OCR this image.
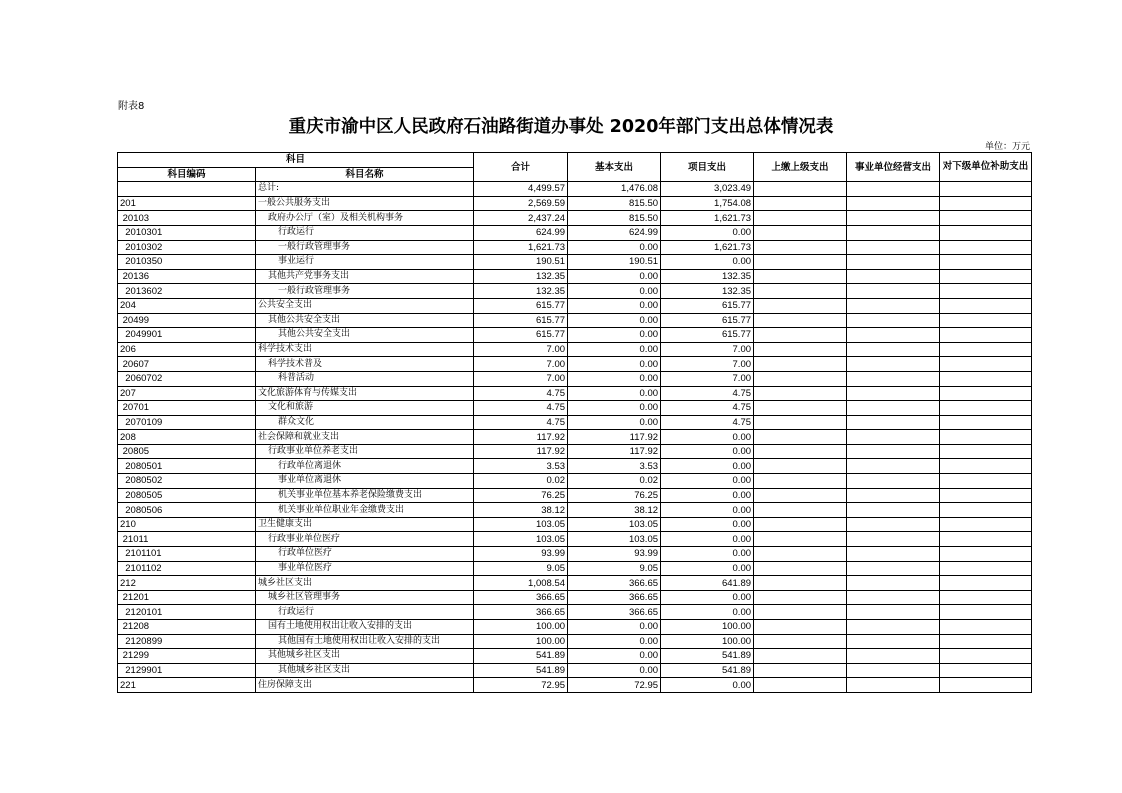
附表8
重庆市渝中区人民政府石油路街道办事处 2020年部门支出总体情况表
单位：万元
科目		合计	基本支出	项目支出	上缴上级支出	事业单位经营支出	对下级单位补助支出
科目编码	科目名称						
	总计:	4,499.57	1,476.08	3,023.49			
201	一般公共服务支出	2,569.59	815.50	1,754.08			
20103	政府办公厅（室）及相关机构事务	2,437.24	815.50	1,621.73			
2010301	行政运行	624.99	624.99	0.00			
2010302	一般行政管理事务	1,621.73	0.00	1,621.73			
2010350	事业运行	190.51	190.51	0.00			
20136	其他共产党事务支出	132.35	0.00	132.35			
2013602	一般行政管理事务	132.35	0.00	132.35			
204	公共安全支出	615.77	0.00	615.77			
20499	其他公共安全支出	615.77	0.00	615.77			
2049901	其他公共安全支出	615.77	0.00	615.77			
206	科学技术支出	7.00	0.00	7.00			
20607	科学技术普及	7.00	0.00	7.00			
2060702	科普活动	7.00	0.00	7.00			
207	文化旅游体育与传媒支出	4.75	0.00	4.75			
20701	文化和旅游	4.75	0.00	4.75			
2070109	群众文化	4.75	0.00	4.75			
208	社会保障和就业支出	117.92	117.92	0.00			
20805	行政事业单位养老支出	117.92	117.92	0.00			
2080501	行政单位离退休	3.53	3.53	0.00			
2080502	事业单位离退休	0.02	0.02	0.00			
2080505	机关事业单位基本养老保险缴费支出	76.25	76.25	0.00			
2080506	机关事业单位职业年金缴费支出	38.12	38.12	0.00			
210	卫生健康支出	103.05	103.05	0.00			
21011	行政事业单位医疗	103.05	103.05	0.00			
2101101	行政单位医疗	93.99	93.99	0.00			
2101102	事业单位医疗	9.05	9.05	0.00			
212	城乡社区支出	1,008.54	366.65	641.89			
21201	城乡社区管理事务	366.65	366.65	0.00			
2120101	行政运行	366.65	366.65	0.00			
21208	国有土地使用权出让收入安排的支出	100.00	0.00	100.00			
2120899	其他国有土地使用权出让收入安排的支出	100.00	0.00	100.00			
21299	其他城乡社区支出	541.89	0.00	541.89			
2129901	其他城乡社区支出	541.89	0.00	541.89			
221	住房保障支出	72.95	72.95	0.00			
